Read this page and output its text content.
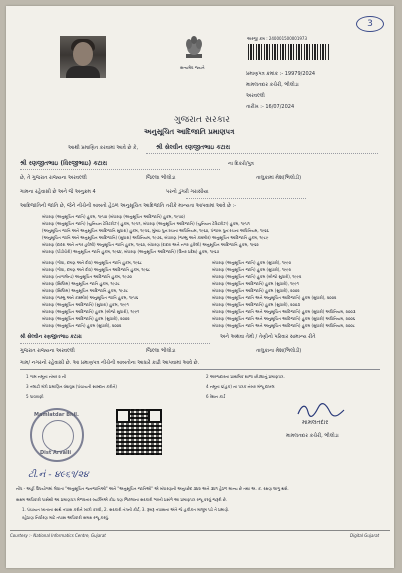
3
સત્યમેવ જયતે
અરજી ક્રમ : 240001500001973
પ્રમાણપત્ર ક્રમાંક :- 19979/2024
મામલતદાર કચેરી, ભીલોડા
અરવલ્લી
તારીખ :- 16/07/2024
ગુજરાત સરકાર
અનુસૂચિત આદિજાતિ પ્રમાણપત્ર
આથી પ્રમાણિત કરવામાં આવે છે કે,	શ્રી સેલ્વીન રણજીતભાઇ કટારા
શ્રી રણજીતભાઇ (વિરજીભાઇ) કટારા	ના દિકરો/પુત્ર
છે, તે ગુજરાત રાજ્યના અરવલ્લી	જિલ્લા ભીલોડા	તાલુકામાં મેશ(ભિલોડી)
ગામના રહેવાસી છે અને જે અનુક્રમ 4	પરનો ડુંગરી ગરાસીયા
આદિજાતિની જાતિ છે, જેને નીચેની બાબતો હેઠળ અનુસૂચિત આદિજાતિ તરીકે માન્યતા આપવામાં આવે છે :-
બંધારણ (અનુસૂચિત જાતિ) હુકમ, ૧૯૫૦ (બંધારણ (અનુસૂચિત આદિજાતિ) હુકમ, ૧૯૫૦)
બંધારણ (અનુસૂચિત જાતિ) (યુનિયન ટેરિટરીઝ) હુકમ, ૧૯૫૧, બંધારણ (અનુસૂચિત આદિજાતિ) (યુનિયન ટેરિટરીઝ) હુકમ, ૧૯૫૧
(અનુસૂચિત જાતિ અને અનુસૂચિત આદિજાતિ સુધારા) હુકમ, ૧૯૫૬, મુંબઇ પુનઃરચના અધિનિયમ, ૧૯૬૦, પંજાબ પુનઃરચના અધિનિયમ, ૧૯૬૬
(અનુસૂચિત જાતિ અને અનુસૂચિત આદિજાતિ) (સુધારા) અધિનિયમ, ૧૯૭૬, બંધારણ (જમ્મુ અને કાશ્મીર) અનુસૂચિત આદિજાતિ હુકમ, ૧૯૮૯
બંધારણ (દાદરા અને નગર હવેલી) અનુસૂચિત જાતિ હુકમ, ૧૯૬૨, બંધારણ (દાદરા અને નગર હવેલી) અનુસૂચિત આદિજાતિ હુકમ, ૧૯૬૨
બંધારણ (પોંડીચેરી) અનુસૂચિત જાતિ હુકમ, ૧૯૬૪, બંધારણ (અનુસૂચિત આદિજાતિ) (ઉત્તર પ્રદેશ) હુકમ, ૧૯૬૭
બંધારણ (ગોવા, દમણ અને દીવ) અનુસૂચિત જાતિ હુકમ, ૧૯૬૮
બંધારણ (ગોવા, દમણ અને દીવ) અનુસૂચિત આદિજાતિ હુકમ, ૧૯૬૮
બંધારણ (નાગાલેન્ડ) અનુસૂચિત આદિજાતિ હુકમ, ૧૯૭૦
બંધારણ (સિક્કિમ) અનુસૂચિત જાતિ હુકમ, ૧૯૭૮
બંધારણ (સિક્કિમ) અનુસૂચિત આદિજાતિ હુકમ, ૧૯૭૮
બંધારણ (જમ્મુ અને કાશ્મીર) અનુસૂચિત જાતિ હુકમ, ૧૯૫૬
બંધારણ (અનુસૂચિત આદિજાતિ) (સુધારા) હુકમ, ૧૯૯૧
બંધારણ (અનુસૂચિત આદિજાતિ) હુકમ (બીજો સુધારો), ૧૯૯૧
બંધારણ (અનુસૂચિત આદિજાતિ) હુકમ (સુધારો), ૨૦૦૨
બંધારણ (અનુસૂચિત જાતિ) હુકમ (સુધારો), ૨૦૦૨
બંધારણ (અનુસૂચિત જાતિ) હુકમ (સુધારો), ૧૯૯૦
બંધારણ (અનુસૂચિત જાતિ) હુકમ (સુધારો), ૧૯૯૨
બંધારણ (અનુસૂચિત જાતિ) હુકમ (બીજો સુધારો), ૧૯૯૨
બંધારણ (અનુસૂચિત આદિજાતિ) હુકમ (સુધારો), ૧૯૯૧
બંધારણ (અનુસૂચિત આદિજાતિ) હુકમ (સુધારો), ૨૦૦૨
બંધારણ (અનુસૂચિત જાતિ અને અનુસૂચિત આદિજાતિ) હુકમ (સુધારો), ૨૦૦૨
બંધારણ (અનુસૂચિત આદિજાતિ) હુકમ (સુધારો), ૨૦૦૩
બંધારણ (અનુસૂચિત જાતિ અને અનુસૂચિત આદિજાતિ) હુકમ (સુધારો) અધિનિયમ, ૨૦૦૩
બંધારણ (અનુસૂચિત જાતિ અને અનુસૂચિત આદિજાતિ) હુકમ (સુધારો) અધિનિયમ, ૨૦૦૬
બંધારણ (અનુસૂચિત જાતિ અને અનુસૂચિત આદિજાતિ) હુકમ (સુધારો) અધિનિયમ, ૨૦૦૮
શ્રી સેલ્વીન રણજીતભાઇ કટારા	અને અથવા તેમી / તેણીનો પરિવાર સામાન્ય રીતે
ગુજરાત રાજ્યના અરવલ્લી	જિલ્લા ભીલોડા	તાલુકાના મેશ(ભિલોડી)
ગામ/ નગરનો રહેવાસી છે. આ પ્રમાણપત્ર નીચેની બાબતોના આધારે કાઢી આપવામાં આવે છે.
1 ગામ નમૂના નંબર ૨ ની	2 અરજદારના પ્રાથમિક શાળા છોડ્યાનું પ્રમાણપત્ર.
3 તલાટી મંત્રી પ્રમાણિત વંશવૃક્ષ (પંચાયતી સાબ્દાન કરીને)	4 નમૂના ૬(હક) ના પત્રક નંબર મંજૂ દાખલ
5 પાવરાણી	6 રેશન કાર્ડ
Mamlatdar Bhil.
Dist Arvalli
મામલતદાર
મામલતદાર કચેરી, ભીલોડા
ટી.નં - ૪૯૬૧/૨૪
નોંધ - અહીં ઉપયોગમાં લેવાતા "અનુસૂચિત જનજાતિઓ" અને "અનુસૂચિત જાતિઓ" એ બંધારણની અનુચ્છેદ ૩૪૨ અને ૩૪૧ હેઠળ માન્ય છે તથા અ. ક. રક્ષણ લાગુ થશે.
સક્ષમ અધિકારી પાસેથી આ પ્રમાણપત્ર મેળવનાર વ્યક્તિએ કોઇ પણ જિલ્લાના સરકારી ભરતી પ્રસંગે આ પ્રમાણપત્ર રજૂ કરવું જરૂરી છે.
1. પંચાયત ખાતાના સાથે તપાસ કરીને ખાત્રી કરવી, 2. સરકારી તંત્રની કોર્ટ, 3. રૂબરૂ તપાસના અંતે જે હકીકત માલૂમ પડે તે પ્રમાણે.
રહેઠાણ નિર્ધારણ માટે તપાસ અધિકારી સમક્ષ રજૂ કરવું.
Courtesy :- National Informatics Centre, Gujarat	Digital Gujarat
